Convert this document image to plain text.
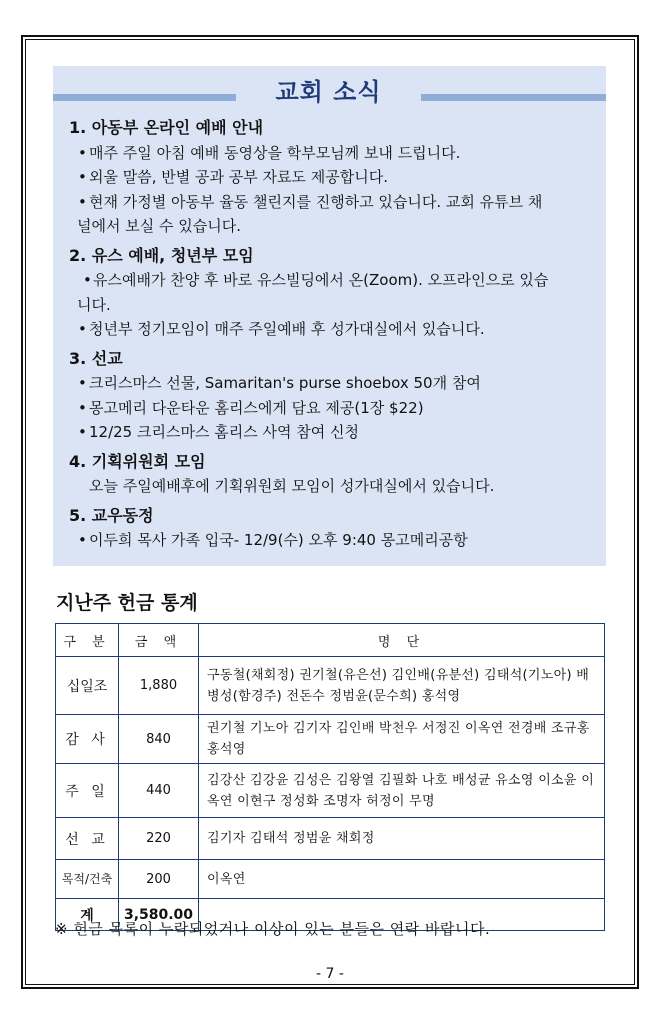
교회 소식
1. 아동부 온라인 예배 안내
• 매주 주일 아침 예배 동영상을 학부모님께 보내 드립니다.
• 외울 말씀, 반별 공과 공부 자료도 제공합니다.
• 현재 가정별 아동부 율동 챌린지를 진행하고 있습니다. 교회 유튜브 채
널에서 보실 수 있습니다.
2. 유스 예배, 청년부 모임
• 유스예배가 찬양 후 바로 유스빌딩에서 온(Zoom). 오프라인으로 있습
니다.
• 청년부 정기모임이 매주 주일예배 후 성가대실에서 있습니다.
3. 선교
• 크리스마스 선물, Samaritan's purse shoebox 50개 참여
• 몽고메리 다운타운 홈리스에게 담요 제공(1장 $22)
• 12/25 크리스마스 홈리스 사역 참여 신청
4. 기획위원회 모임
오늘 주일예배후에 기획위원회 모임이 성가대실에서 있습니다.
5. 교우동정
• 이두희 목사 가족 입국- 12/9(수) 오후 9:40 몽고메리공항
지난주 헌금 통계
구 분	금 액	명 단
십일조	1,880	구동철(채회정) 권기철(유은선) 김인배(유분선) 김태석(기노아) 배병성(함경주) 전돈수 정범윤(문수희) 홍석영
감 사	840	권기철 기노아 김기자 김인배 박천우 서정진 이옥연 전경배 조규홍 홍석영
주 일	440	김강산 김강윤 김성은 김왕열 김필화 나호 배성균 유소영 이소윤 이옥연 이현구 정성화 조명자 허정이 무명
선 교	220	김기자 김태석 정범윤 채회정
목적/건축	200	이옥연
계	3,580.00	
※ 헌금 목록이 누락되었거나 이상이 있는 분들은 연락 바랍니다.
- 7 -
